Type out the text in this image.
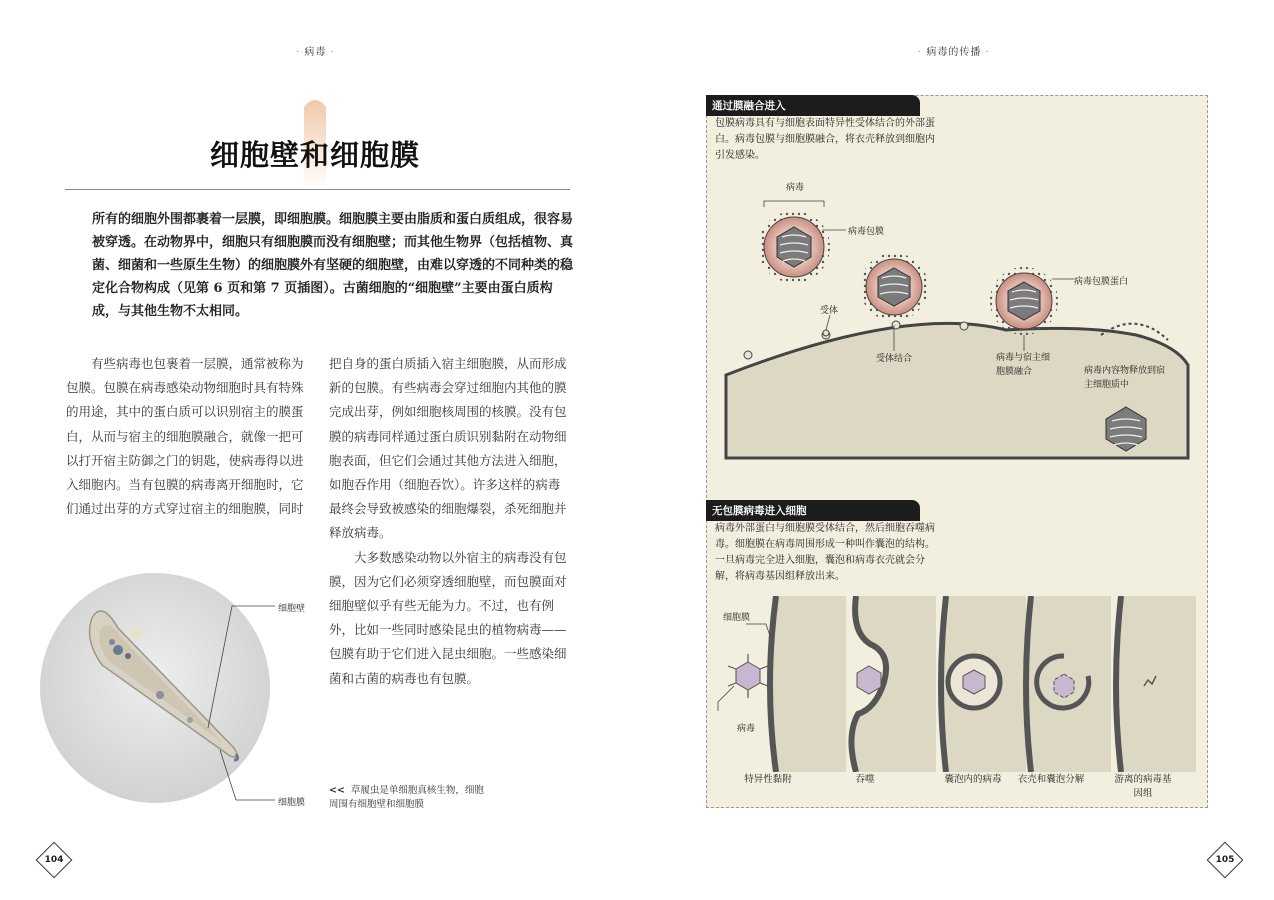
· 病毒 ·	· 病毒的传播 ·
细胞壁和细胞膜
所有的细胞外围都裹着一层膜，即细胞膜。细胞膜主要由脂质和蛋白质组成，很容易被穿透。在动物界中，细胞只有细胞膜而没有细胞壁；而其他生物界（包括植物、真菌、细菌和一些原生生物）的细胞膜外有坚硬的细胞壁，由难以穿透的不同种类的稳定化合物构成（见第 6 页和第 7 页插图）。古菌细胞的“细胞壁”主要由蛋白质构成，与其他生物不太相同。

有些病毒也包裹着一层膜，通常被称为包膜。包膜在病毒感染动物细胞时具有特殊的用途，其中的蛋白质可以识别宿主的膜蛋白，从而与宿主的细胞膜融合，就像一把可以打开宿主防御之门的钥匙，使病毒得以进入细胞内。当有包膜的病毒离开细胞时，它们通过出芽的方式穿过宿主的细胞膜，同时

把自身的蛋白质插入宿主细胞膜，从而形成新的包膜。有些病毒会穿过细胞内其他的膜完成出芽，例如细胞核周围的核膜。没有包膜的病毒同样通过蛋白质识别黏附在动物细胞表面，但它们会通过其他方法进入细胞，如胞吞作用（细胞吞饮）。许多这样的病毒最终会导致被感染的细胞爆裂，杀死细胞并释放病毒。

大多数感染动物以外宿主的病毒没有包膜，因为它们必须穿透细胞壁，而包膜面对细胞壁似乎有些无能为力。不过，也有例外，比如一些同时感染昆虫的植物病毒——包膜有助于它们进入昆虫细胞。一些感染细菌和古菌的病毒也有包膜。

细胞壁
细胞膜
<< 草履虫是单细胞真核生物，细胞周围有细胞壁和细胞膜
104
通过膜融合进入
包膜病毒具有与细胞表面特异性受体结合的外部蛋白。病毒包膜与细胞膜融合，将衣壳释放到细胞内引发感染。
病毒
病毒包膜
受体
受体结合	病毒与宿主细胞膜融合
病毒包膜蛋白
病毒内容物释放到宿主细胞质中
无包膜病毒进入细胞
病毒外部蛋白与细胞膜受体结合，然后细胞吞噬病毒。细胞膜在病毒周围形成一种叫作囊泡的结构。一旦病毒完全进入细胞，囊泡和病毒衣壳就会分解，将病毒基因组释放出来。
细胞膜
病毒
特异性黏附	吞噬	囊泡内的病毒	衣壳和囊泡分解	游离的病毒基因组
105
